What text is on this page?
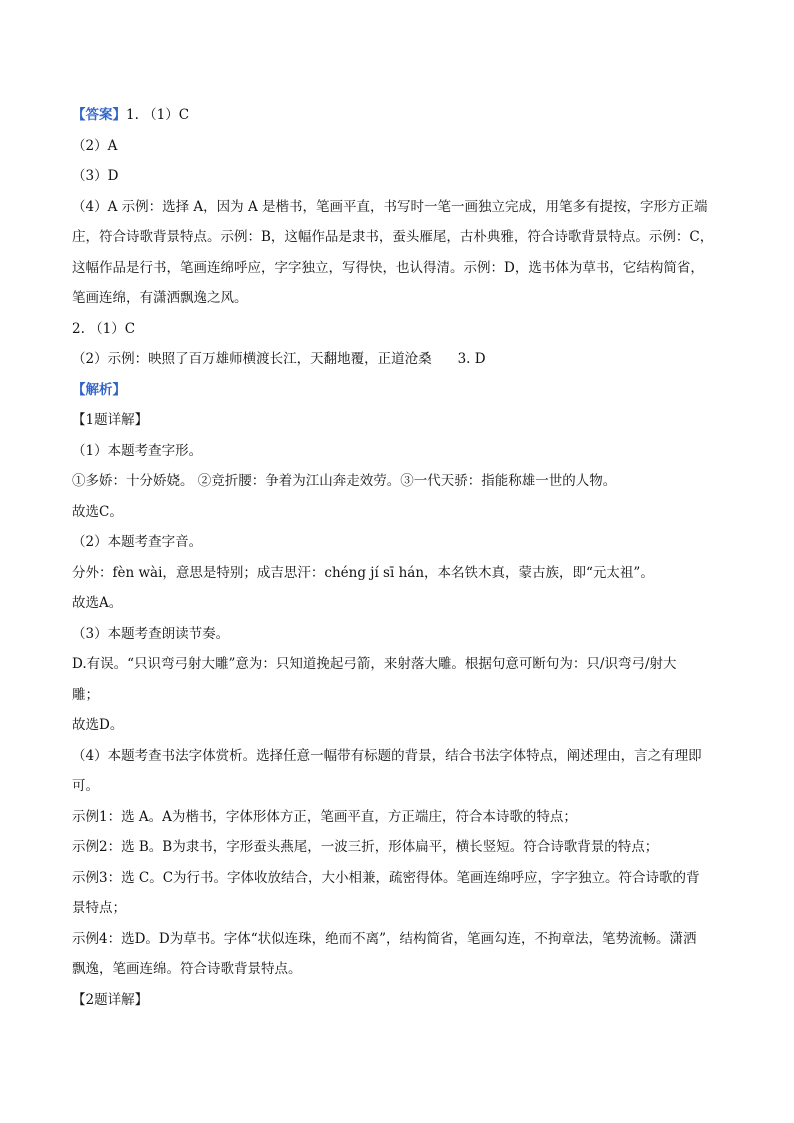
【答案】1. （1）C
（2）A
（3）D
（4）A 示例：选择 A，因为 A 是楷书，笔画平直，书写时一笔一画独立完成，用笔多有提按，字形方正端
庄，符合诗歌背景特点。示例：B，这幅作品是隶书，蚕头雁尾，古朴典雅，符合诗歌背景特点。示例：C，
这幅作品是行书，笔画连绵呼应，字字独立，写得快，也认得清。示例：D，选书体为草书，它结构简省，
笔画连绵，有潇洒飘逸之风。
2. （1）C
（2）示例：映照了百万雄师横渡长江，天翻地覆，正道沧桑 3. D
【解析】
【1题详解】
（1）本题考查字形。
①多娇：十分娇娆。 ②竞折腰：争着为江山奔走效劳。③一代天骄：指能称雄一世的人物。
故选C。
（2）本题考查字音。
分外：fèn wài，意思是特别；成吉思汗：chéng jí sī hán，本名铁木真，蒙古族，即“元太祖”。
故选A。
（3）本题考查朗读节奏。
D.有误。“只识弯弓射大雕”意为：只知道挽起弓箭，来射落大雕。根据句意可断句为：只/识弯弓/射大
雕；
故选D。
（4）本题考查书法字体赏析。选择任意一幅带有标题的背景，结合书法字体特点，阐述理由，言之有理即
可。
示例1：选 A。A为楷书，字体形体方正，笔画平直，方正端庄，符合本诗歌的特点；
示例2：选 B。B为隶书，字形蚕头燕尾，一波三折，形体扁平，横长竖短。符合诗歌背景的特点；
示例3：选 C。C为行书。字体收放结合，大小相兼，疏密得体。笔画连绵呼应，字字独立。符合诗歌的背
景特点；
示例4：选D。D为草书。字体“状似连珠，绝而不离”，结构简省，笔画勾连，不拘章法，笔势流畅。潇洒
飘逸，笔画连绵。符合诗歌背景特点。
【2题详解】
